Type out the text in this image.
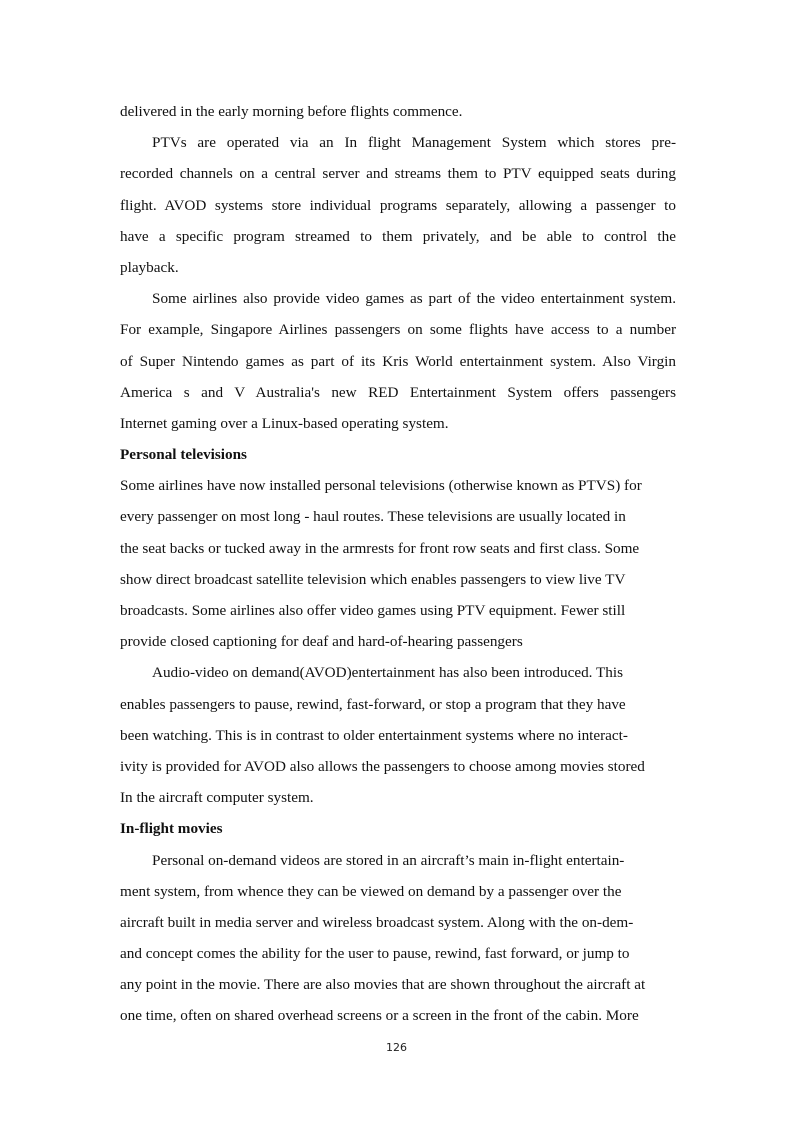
delivered in the early morning before flights commence.
PTVs are operated via an In flight Management System which stores pre-
recorded channels on a central server and streams them to PTV equipped seats during
flight. AVOD systems store individual programs separately, allowing a passenger to
have a specific program streamed to them privately, and be able to control the
playback.
Some airlines also provide video games as part of the video entertainment system.
For example, Singapore Airlines passengers on some flights have access to a number
of Super Nintendo games as part of its Kris World entertainment system. Also Virgin
America s and V Australia's new RED Entertainment System offers passengers
Internet gaming over a Linux-based operating system.
Personal televisions
Some airlines have now installed personal televisions (otherwise known as PTVS) for
every passenger on most long - haul routes. These televisions are usually located in
the seat backs or tucked away in the armrests for front row seats and first class. Some
show direct broadcast satellite television which enables passengers to view live TV
broadcasts. Some airlines also offer video games using PTV equipment. Fewer still
provide closed captioning for deaf and hard-of-hearing passengers
Audio-video on demand(AVOD)entertainment has also been introduced. This
enables passengers to pause, rewind, fast-forward, or stop a program that they have
been watching. This is in contrast to older entertainment systems where no interact-
ivity is provided for AVOD also allows the passengers to choose among movies stored
In the aircraft computer system.
In-flight movies
Personal on-demand videos are stored in an aircraft’s main in-flight entertain-
ment system, from whence they can be viewed on demand by a passenger over the
aircraft built in media server and wireless broadcast system. Along with the on-dem-
and concept comes the ability for the user to pause, rewind, fast forward, or jump to
any point in the movie. There are also movies that are shown throughout the aircraft at
one time, often on shared overhead screens or a screen in the front of the cabin. More
126
